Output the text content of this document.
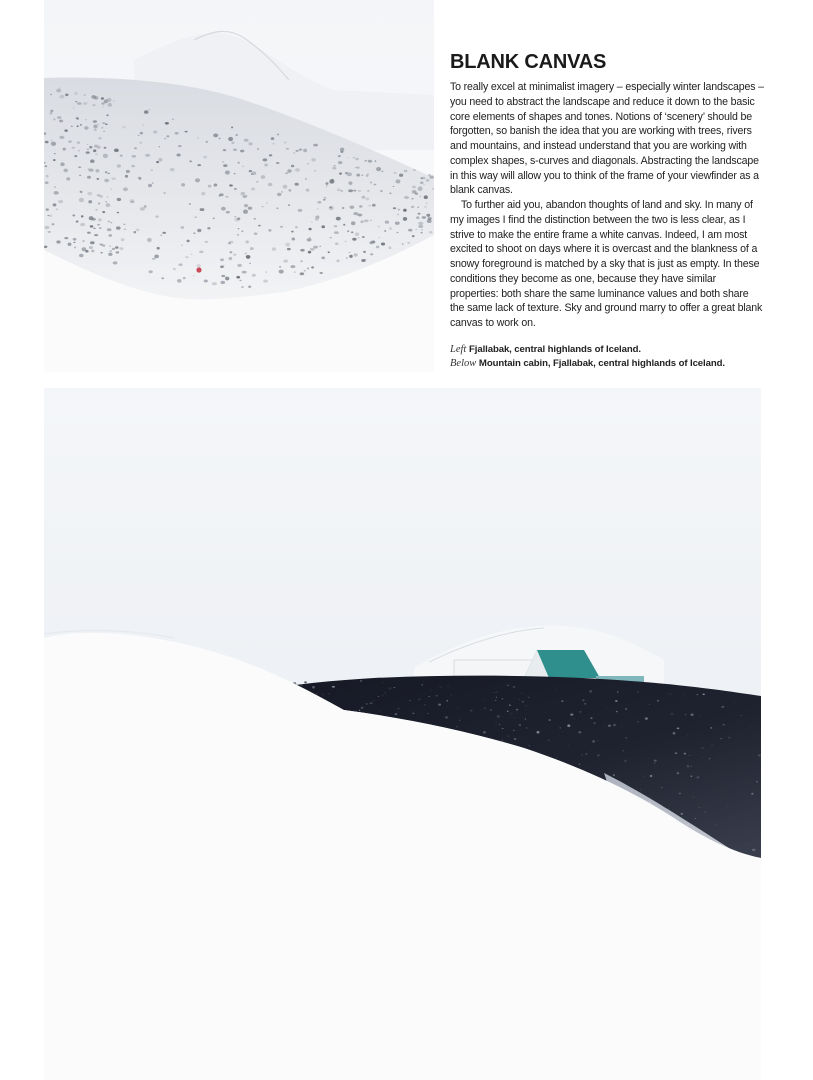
BLANK CANVAS

To really excel at minimalist imagery – especially winter landscapes – you need to abstract the landscape and reduce it down to the basic core elements of shapes and tones. Notions of ‘scenery’ should be forgotten, so banish the idea that you are working with trees, rivers and mountains, and instead understand that you are working with complex shapes, s-curves and diagonals. Abstracting the landscape in this way will allow you to think of the frame of your viewfinder as a blank canvas.

To further aid you, abandon thoughts of land and sky. In many of my images I find the distinction between the two is less clear, as I strive to make the entire frame a white canvas. Indeed, I am most excited to shoot on days where it is overcast and the blankness of a snowy foreground is matched by a sky that is just as empty. In these conditions they become as one, because they have similar properties: both share the same luminance values and both share the same lack of texture. Sky and ground marry to offer a great blank canvas to work on.

Left Fjallabak, central highlands of Iceland.
Below Mountain cabin, Fjallabak, central highlands of Iceland.
